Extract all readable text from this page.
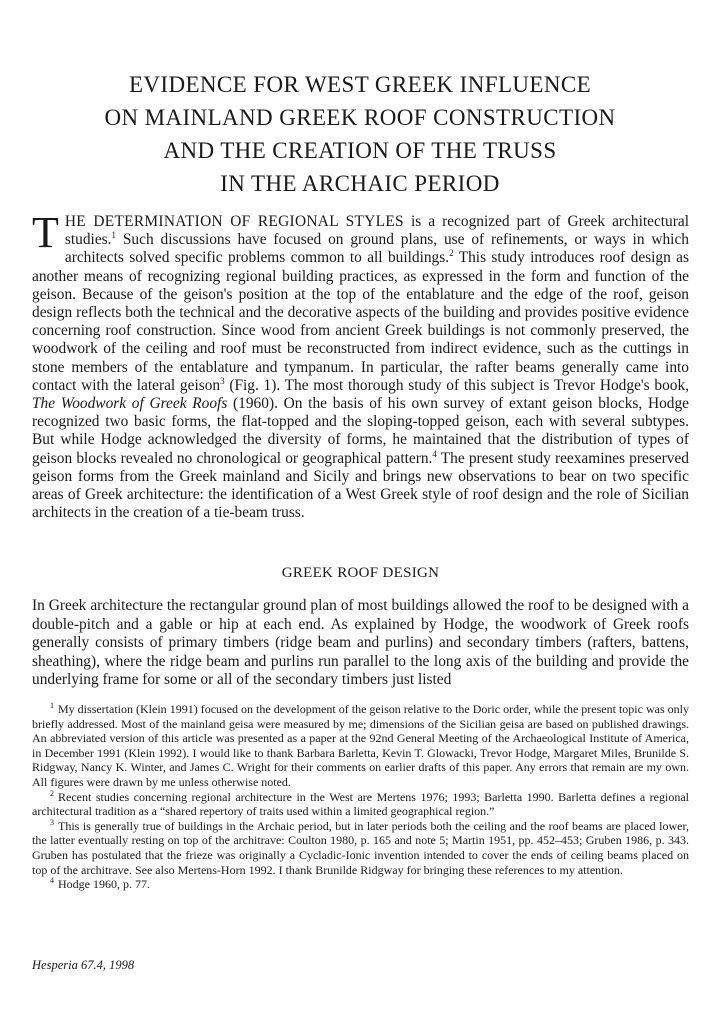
EVIDENCE FOR WEST GREEK INFLUENCE
ON MAINLAND GREEK ROOF CONSTRUCTION
AND THE CREATION OF THE TRUSS
IN THE ARCHAIC PERIOD

THE DETERMINATION OF REGIONAL STYLES is a recognized part of Greek architectural studies.$^1$ Such discussions have focused on ground plans, use of refinements, or ways in which architects solved specific problems common to all buildings.$^2$ This study introduces roof design as another means of recognizing regional building practices, as expressed in the form and function of the geison. Because of the geison's position at the top of the entablature and the edge of the roof, geison design reflects both the technical and the decorative aspects of the building and provides positive evidence concerning roof construction. Since wood from ancient Greek buildings is not commonly preserved, the woodwork of the ceiling and roof must be reconstructed from indirect evidence, such as the cuttings in stone members of the entablature and tympanum. In particular, the rafter beams generally came into contact with the lateral geison$^3$ (Fig. 1). The most thorough study of this subject is Trevor Hodge's book, The Woodwork of Greek Roofs (1960). On the basis of his own survey of extant geison blocks, Hodge recognized two basic forms, the flat-topped and the sloping-topped geison, each with several subtypes. But while Hodge acknowledged the diversity of forms, he maintained that the distribution of types of geison blocks revealed no chronological or geographical pattern.$^4$ The present study reexamines preserved geison forms from the Greek mainland and Sicily and brings new observations to bear on two specific areas of Greek architecture: the identification of a West Greek style of roof design and the role of Sicilian architects in the creation of a tie-beam truss.

GREEK ROOF DESIGN

In Greek architecture the rectangular ground plan of most buildings allowed the roof to be designed with a double-pitch and a gable or hip at each end. As explained by Hodge, the woodwork of Greek roofs generally consists of primary timbers (ridge beam and purlins) and secondary timbers (rafters, battens, sheathing), where the ridge beam and purlins run parallel to the long axis of the building and provide the underlying frame for some or all of the secondary timbers just listed

$^1$ My dissertation (Klein 1991) focused on the development of the geison relative to the Doric order, while the present topic was only briefly addressed. Most of the mainland geisa were measured by me; dimensions of the Sicilian geisa are based on published drawings. An abbreviated version of this article was presented as a paper at the 92nd General Meeting of the Archaeological Institute of America, in December 1991 (Klein 1992). I would like to thank Barbara Barletta, Kevin T. Glowacki, Trevor Hodge, Margaret Miles, Brunilde S. Ridgway, Nancy K. Winter, and James C. Wright for their comments on earlier drafts of this paper. Any errors that remain are my own. All figures were drawn by me unless otherwise noted.

$^2$ Recent studies concerning regional architecture in the West are Mertens 1976; 1993; Barletta 1990. Barletta defines a regional architectural tradition as a “shared repertory of traits used within a limited geographical region.”

$^3$ This is generally true of buildings in the Archaic period, but in later periods both the ceiling and the roof beams are placed lower, the latter eventually resting on top of the architrave: Coulton 1980, p. 165 and note 5; Martin 1951, pp. 452–453; Gruben 1986, p. 343. Gruben has postulated that the frieze was originally a Cycladic-Ionic invention intended to cover the ends of ceiling beams placed on top of the architrave. See also Mertens-Horn 1992. I thank Brunilde Ridgway for bringing these references to my attention.

$^4$ Hodge 1960, p. 77.

Hesperia 67.4, 1998
